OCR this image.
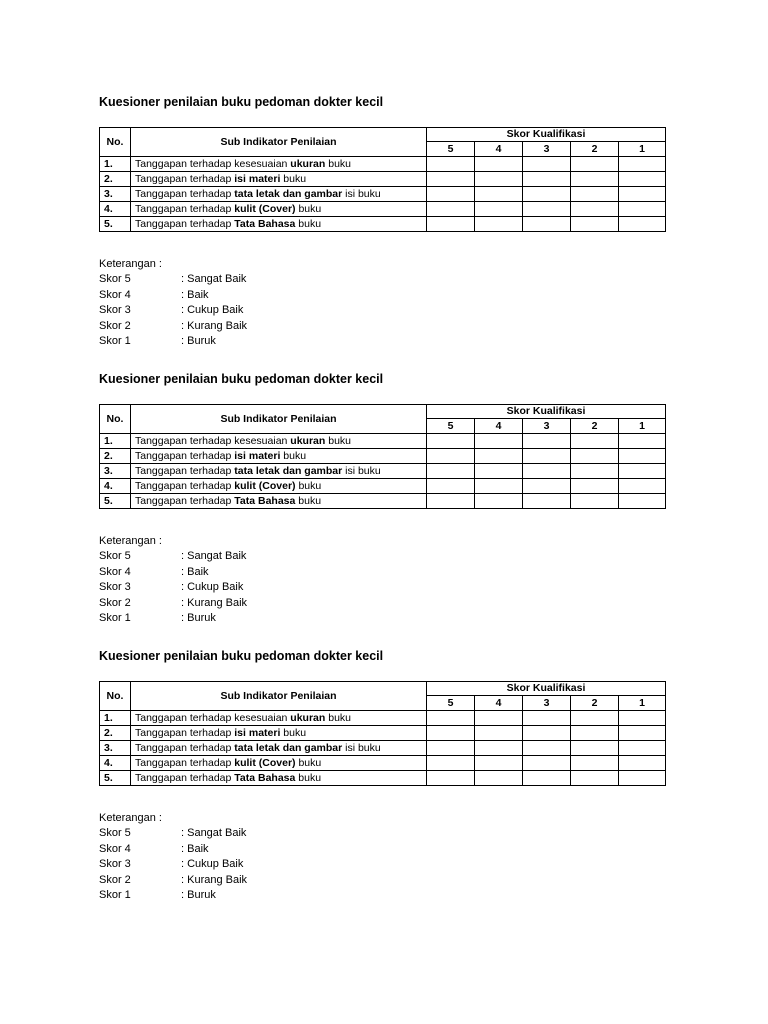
Kuesioner penilaian buku pedoman dokter kecil

No.	Sub Indikator Penilaian	Skor Kualifikasi				
		5	4	3	2	1
1.	Tanggapan terhadap kesesuaian ukuran buku					
2.	Tanggapan terhadap isi materi buku					
3.	Tanggapan terhadap tata letak dan gambar isi buku					
4.	Tanggapan terhadap kulit (Cover) buku					
5.	Tanggapan terhadap Tata Bahasa buku					
Keterangan :
Skor 5	: Sangat Baik
Skor 4	: Baik
Skor 3	: Cukup Baik
Skor 2	: Kurang Baik
Skor 1	: Buruk

Kuesioner penilaian buku pedoman dokter kecil

No.	Sub Indikator Penilaian	Skor Kualifikasi				
		5	4	3	2	1
1.	Tanggapan terhadap kesesuaian ukuran buku					
2.	Tanggapan terhadap isi materi buku					
3.	Tanggapan terhadap tata letak dan gambar isi buku					
4.	Tanggapan terhadap kulit (Cover) buku					
5.	Tanggapan terhadap Tata Bahasa buku					
Keterangan :
Skor 5	: Sangat Baik
Skor 4	: Baik
Skor 3	: Cukup Baik
Skor 2	: Kurang Baik
Skor 1	: Buruk

Kuesioner penilaian buku pedoman dokter kecil

No.	Sub Indikator Penilaian	Skor Kualifikasi				
		5	4	3	2	1
1.	Tanggapan terhadap kesesuaian ukuran buku					
2.	Tanggapan terhadap isi materi buku					
3.	Tanggapan terhadap tata letak dan gambar isi buku					
4.	Tanggapan terhadap kulit (Cover) buku					
5.	Tanggapan terhadap Tata Bahasa buku					
Keterangan :
Skor 5	: Sangat Baik
Skor 4	: Baik
Skor 3	: Cukup Baik
Skor 2	: Kurang Baik
Skor 1	: Buruk
